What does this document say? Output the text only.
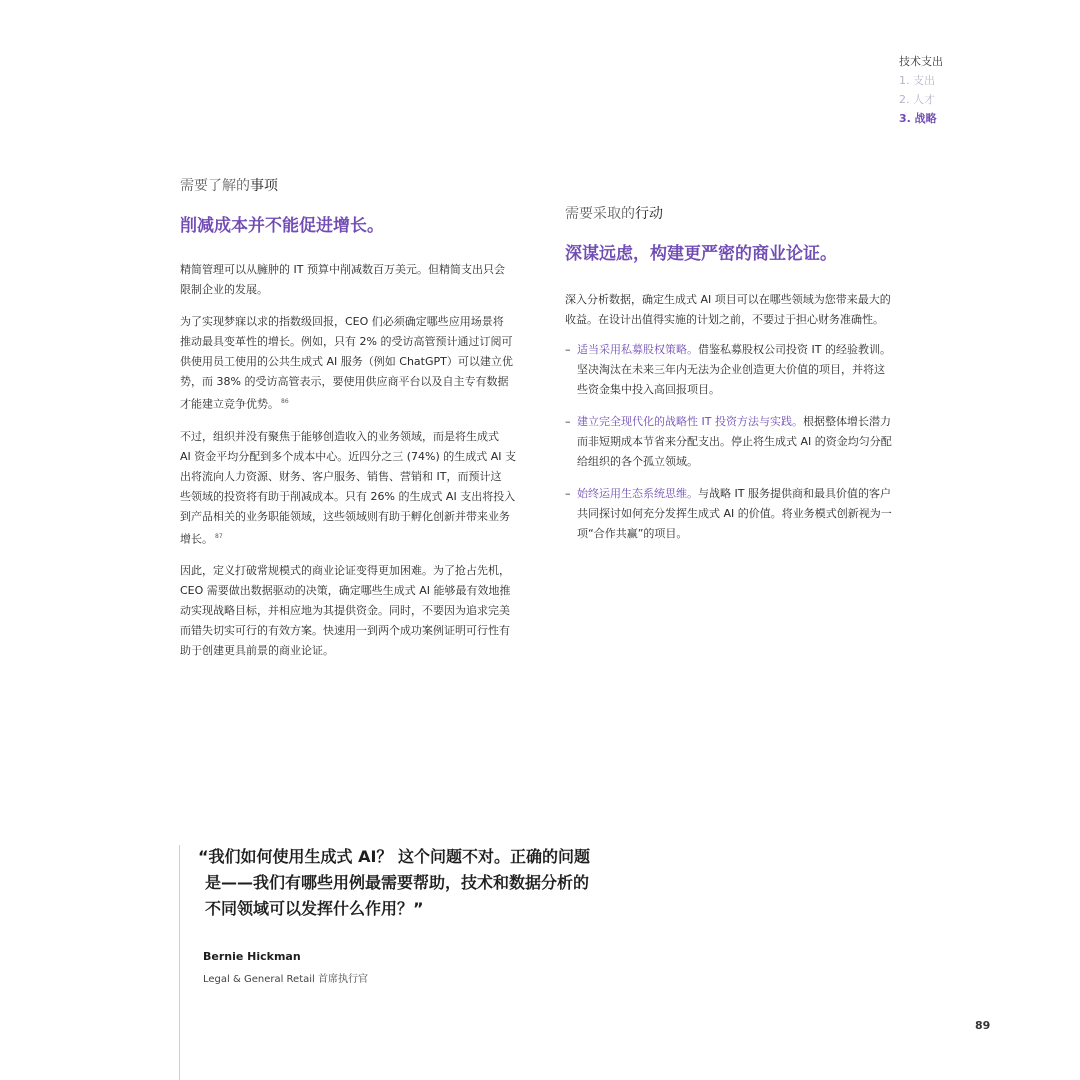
技术支出
1. 支出
2. 人才
3. 战略

需要了解的事项

削减成本并不能促进增长。

精简管理可以从臃肿的 IT 预算中削减数百万美元。但精简支出只会
限制企业的发展。

为了实现梦寐以求的指数级回报，CEO 们必须确定哪些应用场景将
推动最具变革性的增长。例如，只有 2% 的受访高管预计通过订阅可
供使用员工使用的公共生成式 AI 服务（例如 ChatGPT）可以建立优
势，而 38% 的受访高管表示，要使用供应商平台以及自主专有数据
才能建立竞争优势。 $^{86}$

不过，组织并没有聚焦于能够创造收入的业务领域，而是将生成式
AI 资金平均分配到多个成本中心。近四分之三 (74%) 的生成式 AI 支
出将流向人力资源、财务、客户服务、销售、营销和 IT，而预计这
些领域的投资将有助于削减成本。只有 26% 的生成式 AI 支出将投入
到产品相关的业务职能领域，这些领域则有助于孵化创新并带来业务
增长。 $^{87}$

因此，定义打破常规模式的商业论证变得更加困难。为了抢占先机，
CEO 需要做出数据驱动的决策，确定哪些生成式 AI 能够最有效地推
动实现战略目标，并相应地为其提供资金。同时，不要因为追求完美
而错失切实可行的有效方案。快速用一到两个成功案例证明可行性有
助于创建更具前景的商业论证。

需要采取的行动

深谋远虑，构建更严密的商业论证。

深入分析数据，确定生成式 AI 项目可以在哪些领域为您带来最大的
收益。在设计出值得实施的计划之前，不要过于担心财务准确性。

– 适当采用私募股权策略。借鉴私募股权公司投资 IT 的经验教训。
坚决淘汰在未来三年内无法为企业创造更大价值的项目，并将这
些资金集中投入高回报项目。
– 建立完全现代化的战略性 IT 投资方法与实践。根据整体增长潜力
而非短期成本节省来分配支出。停止将生成式 AI 的资金均匀分配
给组织的各个孤立领域。
– 始终运用生态系统思维。与战略 IT 服务提供商和最具价值的客户
共同探讨如何充分发挥生成式 AI 的价值。将业务模式创新视为一
项“合作共赢”的项目。

“我们如何使用生成式 AI？ 这个问题不对。正确的问题
是——我们有哪些用例最需要帮助，技术和数据分析的
不同领域可以发挥什么作用？”

Bernie Hickman
Legal & General Retail 首席执行官
89
